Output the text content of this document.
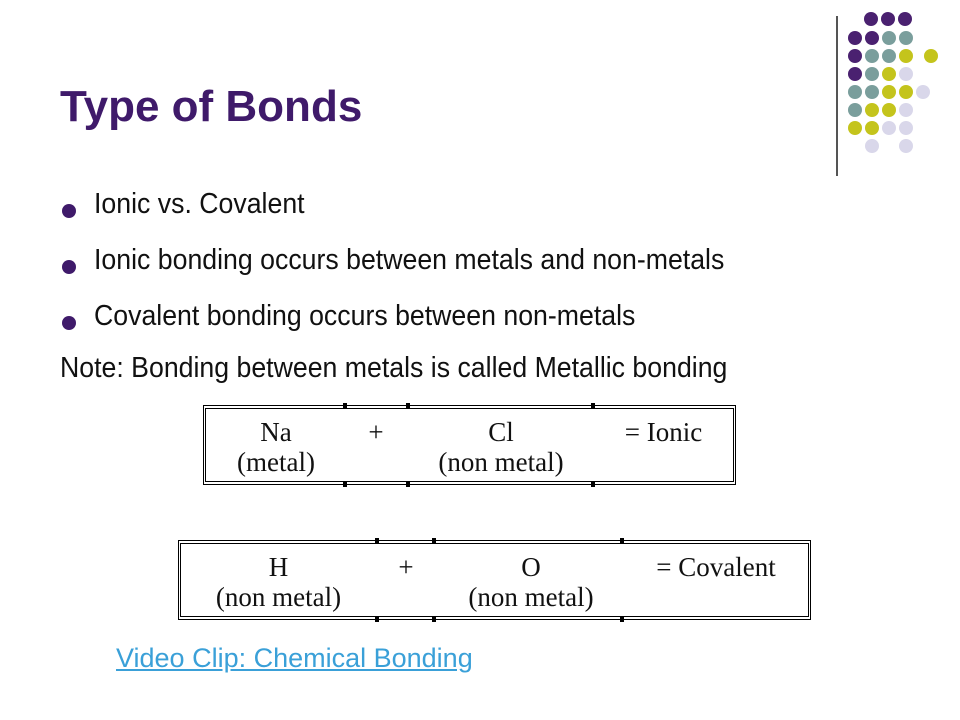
Type of Bonds
Ionic vs. Covalent
Ionic bonding occurs between metals and non-metals
Covalent bonding occurs between non-metals
Note: Bonding between metals is called Metallic bonding
Na
(metal)
+	Cl
(non metal)
= Ionic
H
(non metal)
+	O
(non metal)
= Covalent
Video Clip: Chemical Bonding
